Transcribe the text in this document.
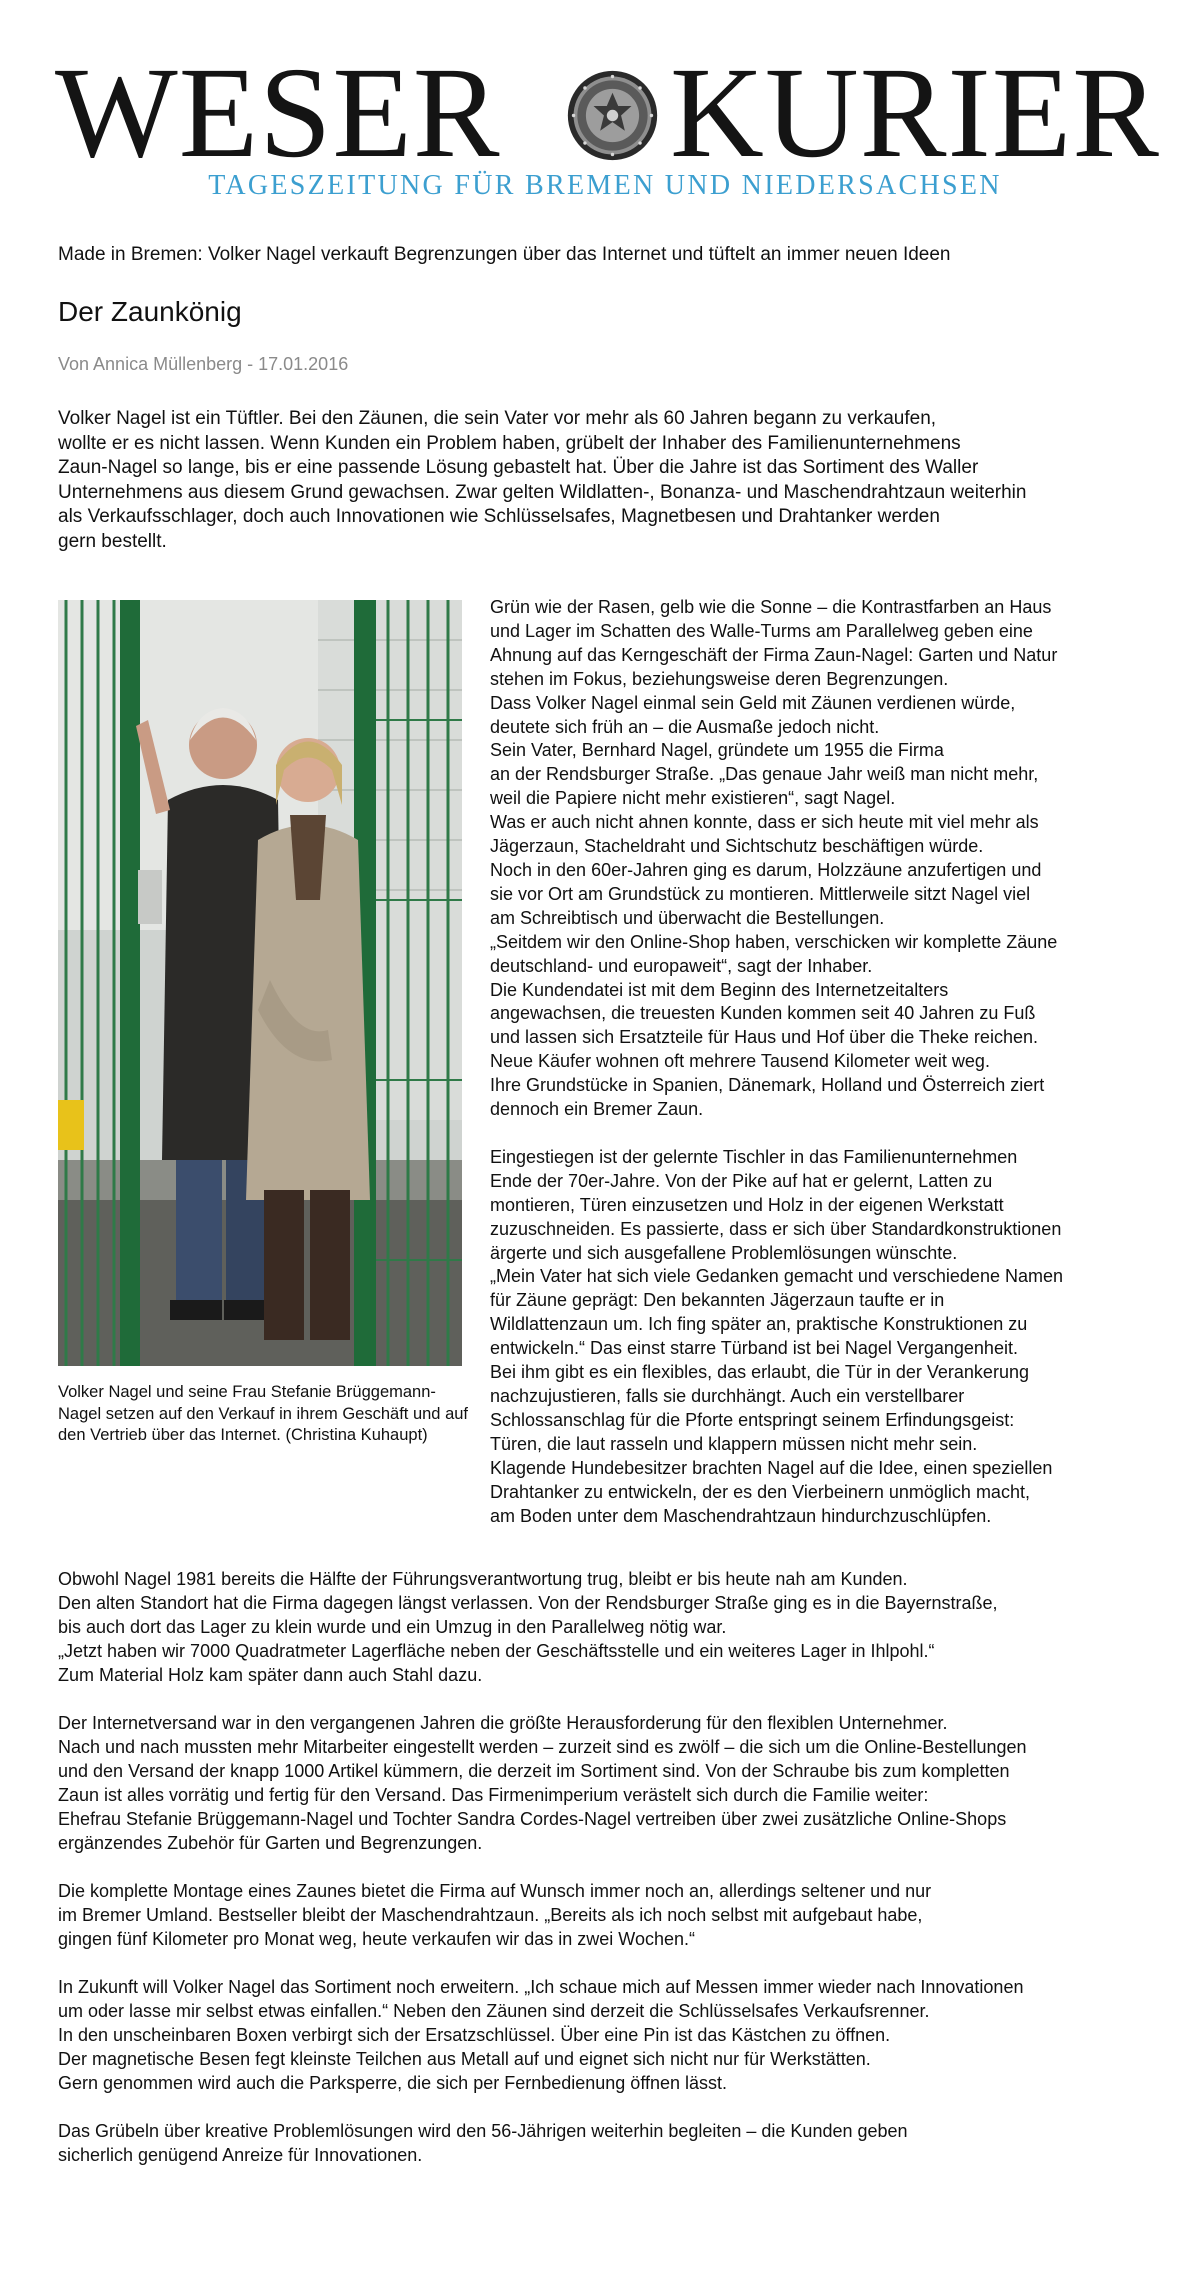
WESER	KURIER
TAGESZEITUNG FÜR BREMEN UND NIEDERSACHSEN
Made in Bremen: Volker Nagel verkauft Begrenzungen über das Internet und tüftelt an immer neuen Ideen
Der Zaunkönig
Von Annica Müllenberg - 17.01.2016

Volker Nagel ist ein Tüftler. Bei den Zäunen, die sein Vater vor mehr als 60 Jahren begann zu verkaufen,
wollte er es nicht lassen. Wenn Kunden ein Problem haben, grübelt der Inhaber des Familienunternehmens
Zaun-Nagel so lange, bis er eine passende Lösung gebastelt hat. Über die Jahre ist das Sortiment des Waller
Unternehmens aus diesem Grund gewachsen. Zwar gelten Wildlatten-, Bonanza- und Maschendrahtzaun weiterhin
als Verkaufsschlager, doch auch Innovationen wie Schlüsselsafes, Magnetbesen und Drahtanker werden
gern bestellt.

Volker Nagel und seine Frau Stefanie Brüggemann-Nagel setzen auf den Verkauf in ihrem Geschäft und auf den Vertrieb über das Internet. (Christina Kuhaupt)

Grün wie der Rasen, gelb wie die Sonne – die Kontrastfarben an Haus
und Lager im Schatten des Walle-Turms am Parallelweg geben eine
Ahnung auf das Kerngeschäft der Firma Zaun-Nagel: Garten und Natur
stehen im Fokus, beziehungsweise deren Begrenzungen.
Dass Volker Nagel einmal sein Geld mit Zäunen verdienen würde,
deutete sich früh an – die Ausmaße jedoch nicht.
Sein Vater, Bernhard Nagel, gründete um 1955 die Firma
an der Rendsburger Straße. „Das genaue Jahr weiß man nicht mehr,
weil die Papiere nicht mehr existieren“, sagt Nagel.
Was er auch nicht ahnen konnte, dass er sich heute mit viel mehr als
Jägerzaun, Stacheldraht und Sichtschutz beschäftigen würde.
Noch in den 60er-Jahren ging es darum, Holzzäune anzufertigen und
sie vor Ort am Grundstück zu montieren. Mittlerweile sitzt Nagel viel
am Schreibtisch und überwacht die Bestellungen.
„Seitdem wir den Online-Shop haben, verschicken wir komplette Zäune
deutschland- und europaweit“, sagt der Inhaber.
Die Kundendatei ist mit dem Beginn des Internetzeitalters
angewachsen, die treuesten Kunden kommen seit 40 Jahren zu Fuß
und lassen sich Ersatzteile für Haus und Hof über die Theke reichen.
Neue Käufer wohnen oft mehrere Tausend Kilometer weit weg.
Ihre Grundstücke in Spanien, Dänemark, Holland und Österreich ziert
dennoch ein Bremer Zaun.

Eingestiegen ist der gelernte Tischler in das Familienunternehmen
Ende der 70er-Jahre. Von der Pike auf hat er gelernt, Latten zu
montieren, Türen einzusetzen und Holz in der eigenen Werkstatt
zuzuschneiden. Es passierte, dass er sich über Standardkonstruktionen
ärgerte und sich ausgefallene Problemlösungen wünschte.
„Mein Vater hat sich viele Gedanken gemacht und verschiedene Namen
für Zäune geprägt: Den bekannten Jägerzaun taufte er in
Wildlattenzaun um. Ich fing später an, praktische Konstruktionen zu
entwickeln.“ Das einst starre Türband ist bei Nagel Vergangenheit.
Bei ihm gibt es ein flexibles, das erlaubt, die Tür in der Verankerung
nachzujustieren, falls sie durchhängt. Auch ein verstellbarer
Schlossanschlag für die Pforte entspringt seinem Erfindungsgeist:
Türen, die laut rasseln und klappern müssen nicht mehr sein.
Klagende Hundebesitzer brachten Nagel auf die Idee, einen speziellen
Drahtanker zu entwickeln, der es den Vierbeinern unmöglich macht,
am Boden unter dem Maschendrahtzaun hindurchzuschlüpfen.

Obwohl Nagel 1981 bereits die Hälfte der Führungsverantwortung trug, bleibt er bis heute nah am Kunden.
Den alten Standort hat die Firma dagegen längst verlassen. Von der Rendsburger Straße ging es in die Bayernstraße,
bis auch dort das Lager zu klein wurde und ein Umzug in den Parallelweg nötig war.
„Jetzt haben wir 7000 Quadratmeter Lagerfläche neben der Geschäftsstelle und ein weiteres Lager in Ihlpohl.“
Zum Material Holz kam später dann auch Stahl dazu.

Der Internetversand war in den vergangenen Jahren die größte Herausforderung für den flexiblen Unternehmer.
Nach und nach mussten mehr Mitarbeiter eingestellt werden – zurzeit sind es zwölf – die sich um die Online-Bestellungen
und den Versand der knapp 1000 Artikel kümmern, die derzeit im Sortiment sind. Von der Schraube bis zum kompletten
Zaun ist alles vorrätig und fertig für den Versand. Das Firmenimperium verästelt sich durch die Familie weiter:
Ehefrau Stefanie Brüggemann-Nagel und Tochter Sandra Cordes-Nagel vertreiben über zwei zusätzliche Online-Shops
ergänzendes Zubehör für Garten und Begrenzungen.

Die komplette Montage eines Zaunes bietet die Firma auf Wunsch immer noch an, allerdings seltener und nur
im Bremer Umland. Bestseller bleibt der Maschendrahtzaun. „Bereits als ich noch selbst mit aufgebaut habe,
gingen fünf Kilometer pro Monat weg, heute verkaufen wir das in zwei Wochen.“

In Zukunft will Volker Nagel das Sortiment noch erweitern. „Ich schaue mich auf Messen immer wieder nach Innovationen
um oder lasse mir selbst etwas einfallen.“ Neben den Zäunen sind derzeit die Schlüsselsafes Verkaufsrenner.
In den unscheinbaren Boxen verbirgt sich der Ersatzschlüssel. Über eine Pin ist das Kästchen zu öffnen.
Der magnetische Besen fegt kleinste Teilchen aus Metall auf und eignet sich nicht nur für Werkstätten.
Gern genommen wird auch die Parksperre, die sich per Fernbedienung öffnen lässt.

Das Grübeln über kreative Problemlösungen wird den 56-Jährigen weiterhin begleiten – die Kunden geben
sicherlich genügend Anreize für Innovationen.
